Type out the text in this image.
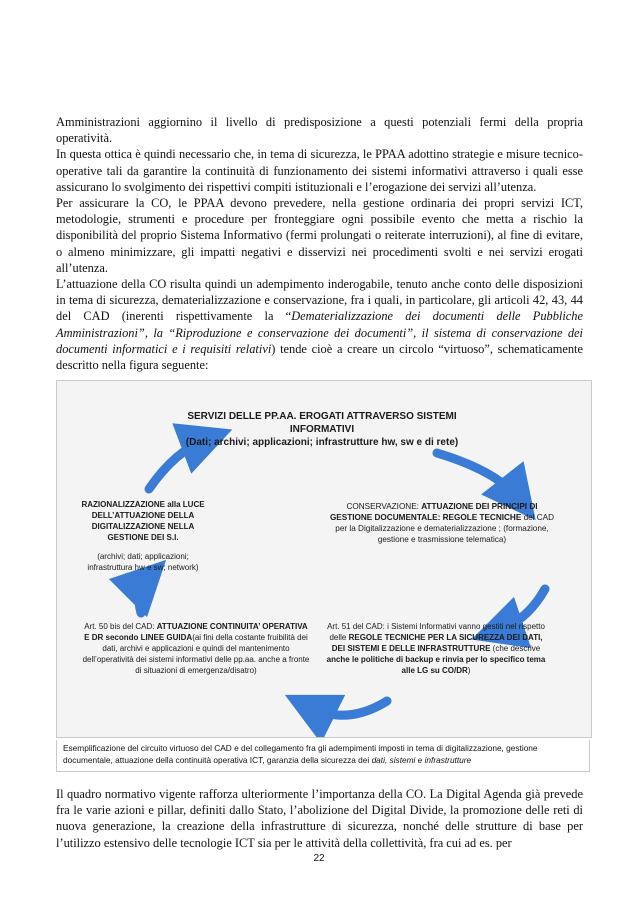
Amministrazioni aggiornino il livello di predisposizione a questi potenziali fermi della propria operatività.

In questa ottica è quindi necessario che, in tema di sicurezza, le PPAA adottino strategie e misure tecnico-operative tali da garantire la continuità di funzionamento dei sistemi informativi attraverso i quali esse assicurano lo svolgimento dei rispettivi compiti istituzionali e l’erogazione dei servizi all’utenza.

Per assicurare la CO, le PPAA devono prevedere, nella gestione ordinaria dei propri servizi ICT, metodologie, strumenti e procedure per fronteggiare ogni possibile evento che metta a rischio la disponibilità del proprio Sistema Informativo (fermi prolungati o reiterate interruzioni), al fine di evitare, o almeno minimizzare, gli impatti negativi e disservizi nei procedimenti svolti e nei servizi erogati all’utenza.

L’attuazione della CO risulta quindi un adempimento inderogabile, tenuto anche conto delle disposizioni in tema di sicurezza, dematerializzazione e conservazione, fra i quali, in particolare, gli articoli 42, 43, 44 del CAD (inerenti rispettivamente la “Dematerializzazione dei documenti delle Pubbliche Amministrazioni”, la “Riproduzione e conservazione dei documenti”, il sistema di conservazione dei documenti informatici e i requisiti relativi) tende cioè a creare un circolo “virtuoso”, schematicamente descritto nella figura seguente:

SERVIZI DELLE PP.AA. EROGATI ATTRAVERSO SISTEMI INFORMATIVI
(Dati; archivi; applicazioni; infrastrutture hw, sw e di rete)
CONSERVAZIONE: ATTUAZIONE DEI PRINCIPI DI GESTIONE DOCUMENTALE: REGOLE TECNICHE del CAD per la Digitalizzazione e dematerializzazione ; (formazione, gestione e trasmissione telematica)
RAZIONALIZZAZIONE alla LUCE DELL’ATTUAZIONE DELLA DIGITALIZZAZIONE NELLA GESTIONE DEI S.I.
(archivi; dati; applicazioni; infrastruttura hw e sw; network)
Art. 50 bis del CAD: ATTUAZIONE CONTINUITA’ OPERATIVA E DR secondo LINEE GUIDA(ai fini della costante fruibilità dei dati, archivi e applicazioni e quindi del mantenimento dell’operatività dei sistemi informativi delle pp.aa. anche a fronte di situazioni di emergenza/disatro)
Art. 51 del CAD: i Sistemi Informativi vanno gestiti nel rispetto delle REGOLE TECNICHE PER LA SICUREZZA DEI DATI, DEI SISTEMI E DELLE INFRASTRUTTURE (che descrive anche le politiche di backup e rinvia per lo specifico tema alle LG su CO/DR)
Esemplificazione del circuito virtuoso del CAD e del collegamento fra gli adempimenti imposti in tema di digitalizzazione, gestione documentale, attuazione della continuità operativa ICT, garanzia della sicurezza dei dati, sistemi e infrastrutture

Il quadro normativo vigente rafforza ulteriormente l’importanza della CO. La Digital Agenda già prevede fra le varie azioni e pillar, definiti dallo Stato, l’abolizione del Digital Divide, la promozione delle reti di nuova generazione, la creazione della infrastrutture di sicurezza, nonché delle strutture di base per l’utilizzo estensivo delle tecnologie ICT sia per le attività della collettività, fra cui ad es. per

22
